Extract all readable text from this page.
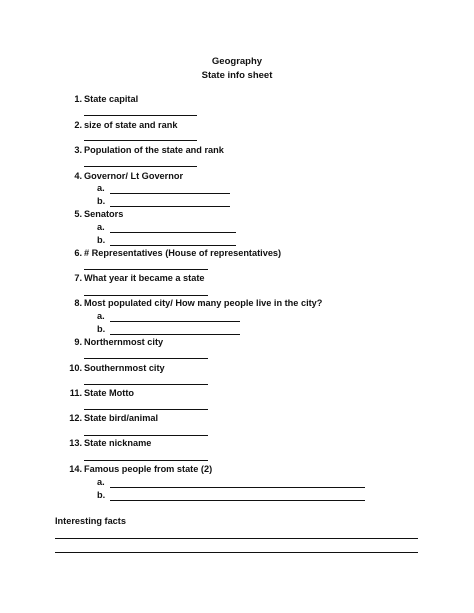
Geography
State info sheet
1. State capital
2. size of state and rank
3. Population of the state and rank
4. Governor/ Lt Governor
a.
b.
5. Senators
a.
b.
6. # Representatives (House of representatives)
7. What year it became a state
8. Most populated city/ How many people live in the city?
a.
b.
9. Northernmost city
10. Southernmost city
11. State Motto
12. State bird/animal
13. State nickname
14. Famous people from state (2)
a.
b.
Interesting facts
